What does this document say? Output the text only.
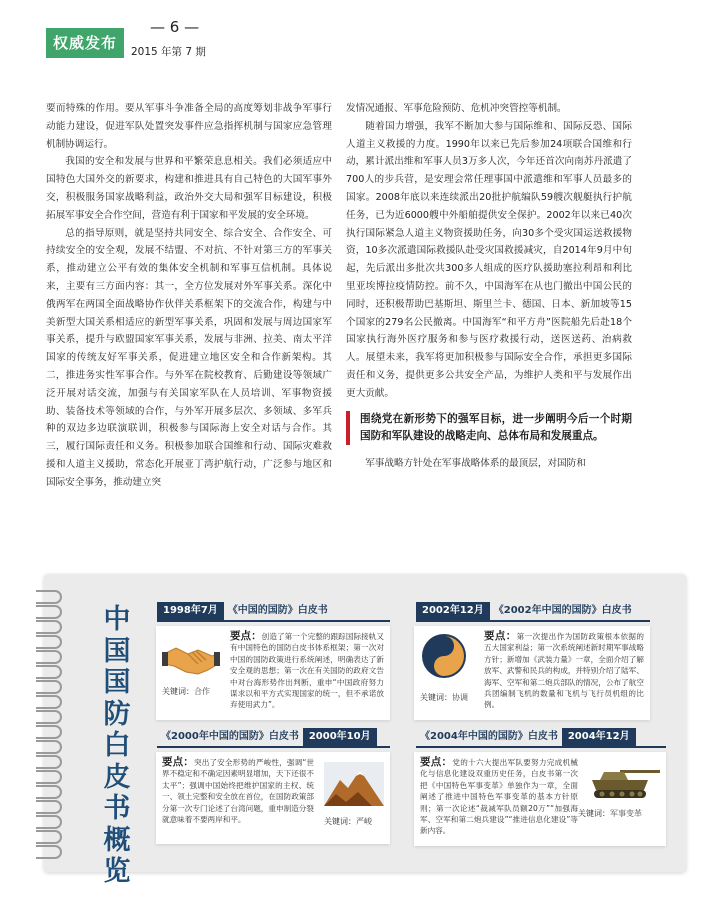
权威发布
— 6 —
2015 年第 7 期

要而特殊的作用。要从军事斗争准备全局的高度筹划非战争军事行动能力建设，促进军队处置突发事件应急指挥机制与国家应急管理机制协调运行。

我国的安全和发展与世界和平繁荣息息相关。我们必须适应中国特色大国外交的新要求，构建和推进具有自己特色的大国军事外交，积极服务国家战略利益，政治外交大局和强军目标建设，积极拓展军事安全合作空间，营造有利于国家和平发展的安全环境。

总的指导原则，就是坚持共同安全、综合安全、合作安全、可持续安全的安全观，发展不结盟、不对抗、不针对第三方的军事关系，推动建立公平有效的集体安全机制和军事互信机制。具体说来，主要有三方面内容：其一，全方位发展对外军事关系。深化中俄两军在两国全面战略协作伙伴关系框架下的交流合作，构建与中美新型大国关系相适应的新型军事关系，巩固和发展与周边国家军事关系，提升与欧盟国家军事关系，发展与非洲、拉美、南太平洋国家的传统友好军事关系，促进建立地区安全和合作新架构。其二，推进务实性军事合作。与外军在院校教育、后勤建设等领域广泛开展对话交流，加强与有关国家军队在人员培训、军事物资援助、装备技术等领域的合作，与外军开展多层次、多领域、多军兵种的双边多边联演联训，积极参与国际海上安全对话与合作。其三，履行国际责任和义务。积极参加联合国维和行动、国际灾难救援和人道主义援助，常态化开展亚丁湾护航行动，广泛参与地区和国际安全事务，推动建立突

发情况通报、军事危险预防、危机冲突管控等机制。

随着国力增强，我军不断加大参与国际维和、国际反恐、国际人道主义救援的力度。1990年以来已先后参加24项联合国维和行动，累计派出维和军事人员3万多人次，今年还首次向南苏丹派遣了700人的步兵营，是安理会常任理事国中派遣维和军事人员最多的国家。2008年底以来连续派出20批护航编队59艘次舰艇执行护航任务，已为近6000艘中外船舶提供安全保护。2002年以来已40次执行国际紧急人道主义物资援助任务，向30多个受灾国运送救援物资，10多次派遣国际救援队赴受灾国救援减灾，自2014年9月中旬起，先后派出多批次共300多人组成的医疗队援助塞拉利昂和利比里亚埃博拉疫情防控。前不久，中国海军在从也门撤出中国公民的同时，还积极帮助巴基斯坦、斯里兰卡、德国、日本、新加坡等15个国家的279名公民撤离。中国海军“和平方舟”医院船先后赴18个国家执行海外医疗服务和参与医疗救援行动，送医送药、治病救人。展望未来，我军将更加积极参与国际安全合作，承担更多国际责任和义务，提供更多公共安全产品，为维护人类和平与发展作出更大贡献。

围绕党在新形势下的强军目标，进一步阐明今后一个时期国防和军队建设的战略走向、总体布局和发展重点。

军事战略方针处在军事战略体系的最顶层，对国防和

中
国
国
防
白
皮
书
概
览
1998年7月 《中国的国防》白皮书
关键词：合作
要点：创造了第一个完整的跟踪国际接轨又有中国特色的国防白皮书体系框架；第一次对中国的国防政策进行系统阐述，明确表达了新安全观的思想；第一次在有关国防的政府文告中对台海形势作出判断，重申“中国政府努力谋求以和平方式实现国家的统一，但不承诺放弃使用武力”。
2002年12月 《2002年中国的国防》白皮书
关键词：协调
要点：第一次提出作为国防政策根本依据的五大国家利益；第一次系统阐述新时期军事战略方针；新增加《武装力量》一章，全面介绍了解放军、武警和民兵的构成，并特别介绍了陆军、海军、空军和第二炮兵部队的情况，公布了航空兵团编制飞机的数量和飞机与飞行员机组的比例。
《2000年中国的国防》白皮书 2000年10月
要点：突出了安全形势的严峻性，强调“世界不稳定和不确定因素明显增加，天下还很不太平”；强调中国始终把维护国家的主权、统一、领土完整和安全放在首位，在国防政策部分第一次专门论述了台湾问题，重申制造分裂就意味着不要两岸和平。	关键词：严峻
《2004年中国的国防》白皮书 2004年12月
要点：党的十六大提出军队要努力完成机械化与信息化建设双重历史任务，白皮书第一次把《中国特色军事变革》单独作为一章，全面阐述了推进中国特色军事变革的基本方针原则；第一次论述“裁减军队员额20万”“加强海军、空军和第二炮兵建设”“推进信息化建设”等新内容。
关键词：军事变革
